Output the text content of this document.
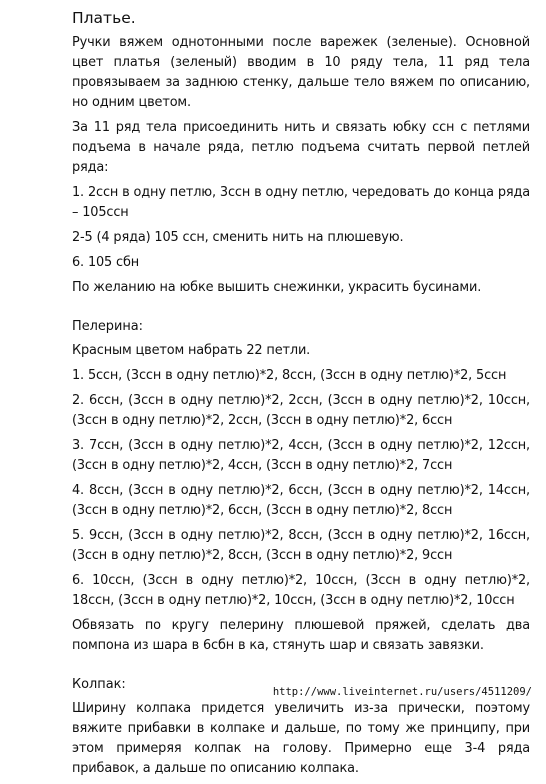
Платье.

Ручки вяжем однотонными после варежек (зеленые). Основной цвет платья (зеленый) вводим в 10 ряду тела, 11 ряд тела провязываем за заднюю стенку, дальше тело вяжем по описанию, но одним цветом.

За 11 ряд тела присоединить нить и связать юбку ссн с петлями подъема в начале ряда, петлю подъема считать первой петлей ряда:

1. 2ссн в одну петлю, 3ссн в одну петлю, чередовать до конца ряда – 105ссн

2-5 (4 ряда) 105 ссн, сменить нить на плюшевую.

6. 105 сбн

По желанию на юбке вышить снежинки, украсить бусинами.

Пелерина:

Красным цветом набрать 22 петли.

1. 5ссн, (3ссн в одну петлю)*2, 8ссн, (3ссн в одну петлю)*2, 5ссн

2. 6ссн, (3ссн в одну петлю)*2, 2ссн, (3ссн в одну петлю)*2, 10ссн, (3ссн в одну петлю)*2, 2ссн, (3ссн в одну петлю)*2, 6ссн

3. 7ссн, (3ссн в одну петлю)*2, 4ссн, (3ссн в одну петлю)*2, 12ссн, (3ссн в одну петлю)*2, 4ссн, (3ссн в одну петлю)*2, 7ссн

4. 8ссн, (3ссн в одну петлю)*2, 6ссн, (3ссн в одну петлю)*2, 14ссн, (3ссн в одну петлю)*2, 6ссн, (3ссн в одну петлю)*2, 8ссн

5. 9ссн, (3ссн в одну петлю)*2, 8ссн, (3ссн в одну петлю)*2, 16ссн, (3ссн в одну петлю)*2, 8ссн, (3ссн в одну петлю)*2, 9ссн

6. 10ссн, (3ссн в одну петлю)*2, 10ссн, (3ссн в одну петлю)*2, 18ссн, (3ссн в одну петлю)*2, 10ссн, (3ссн в одну петлю)*2, 10ссн

Обвязать по кругу пелерину плюшевой пряжей, сделать два помпона из шара в 6сбн в ка, стянуть шар и связать завязки.

Колпак:

Ширину колпака придется увеличить из-за прически, поэтому вяжите прибавки в колпаке и дальше, по тому же принципу, при этом примеряя колпак на голову. Примерно еще 3-4 ряда прибавок, а дальше по описанию колпака.

http://www.liveinternet.ru/users/4511209/
